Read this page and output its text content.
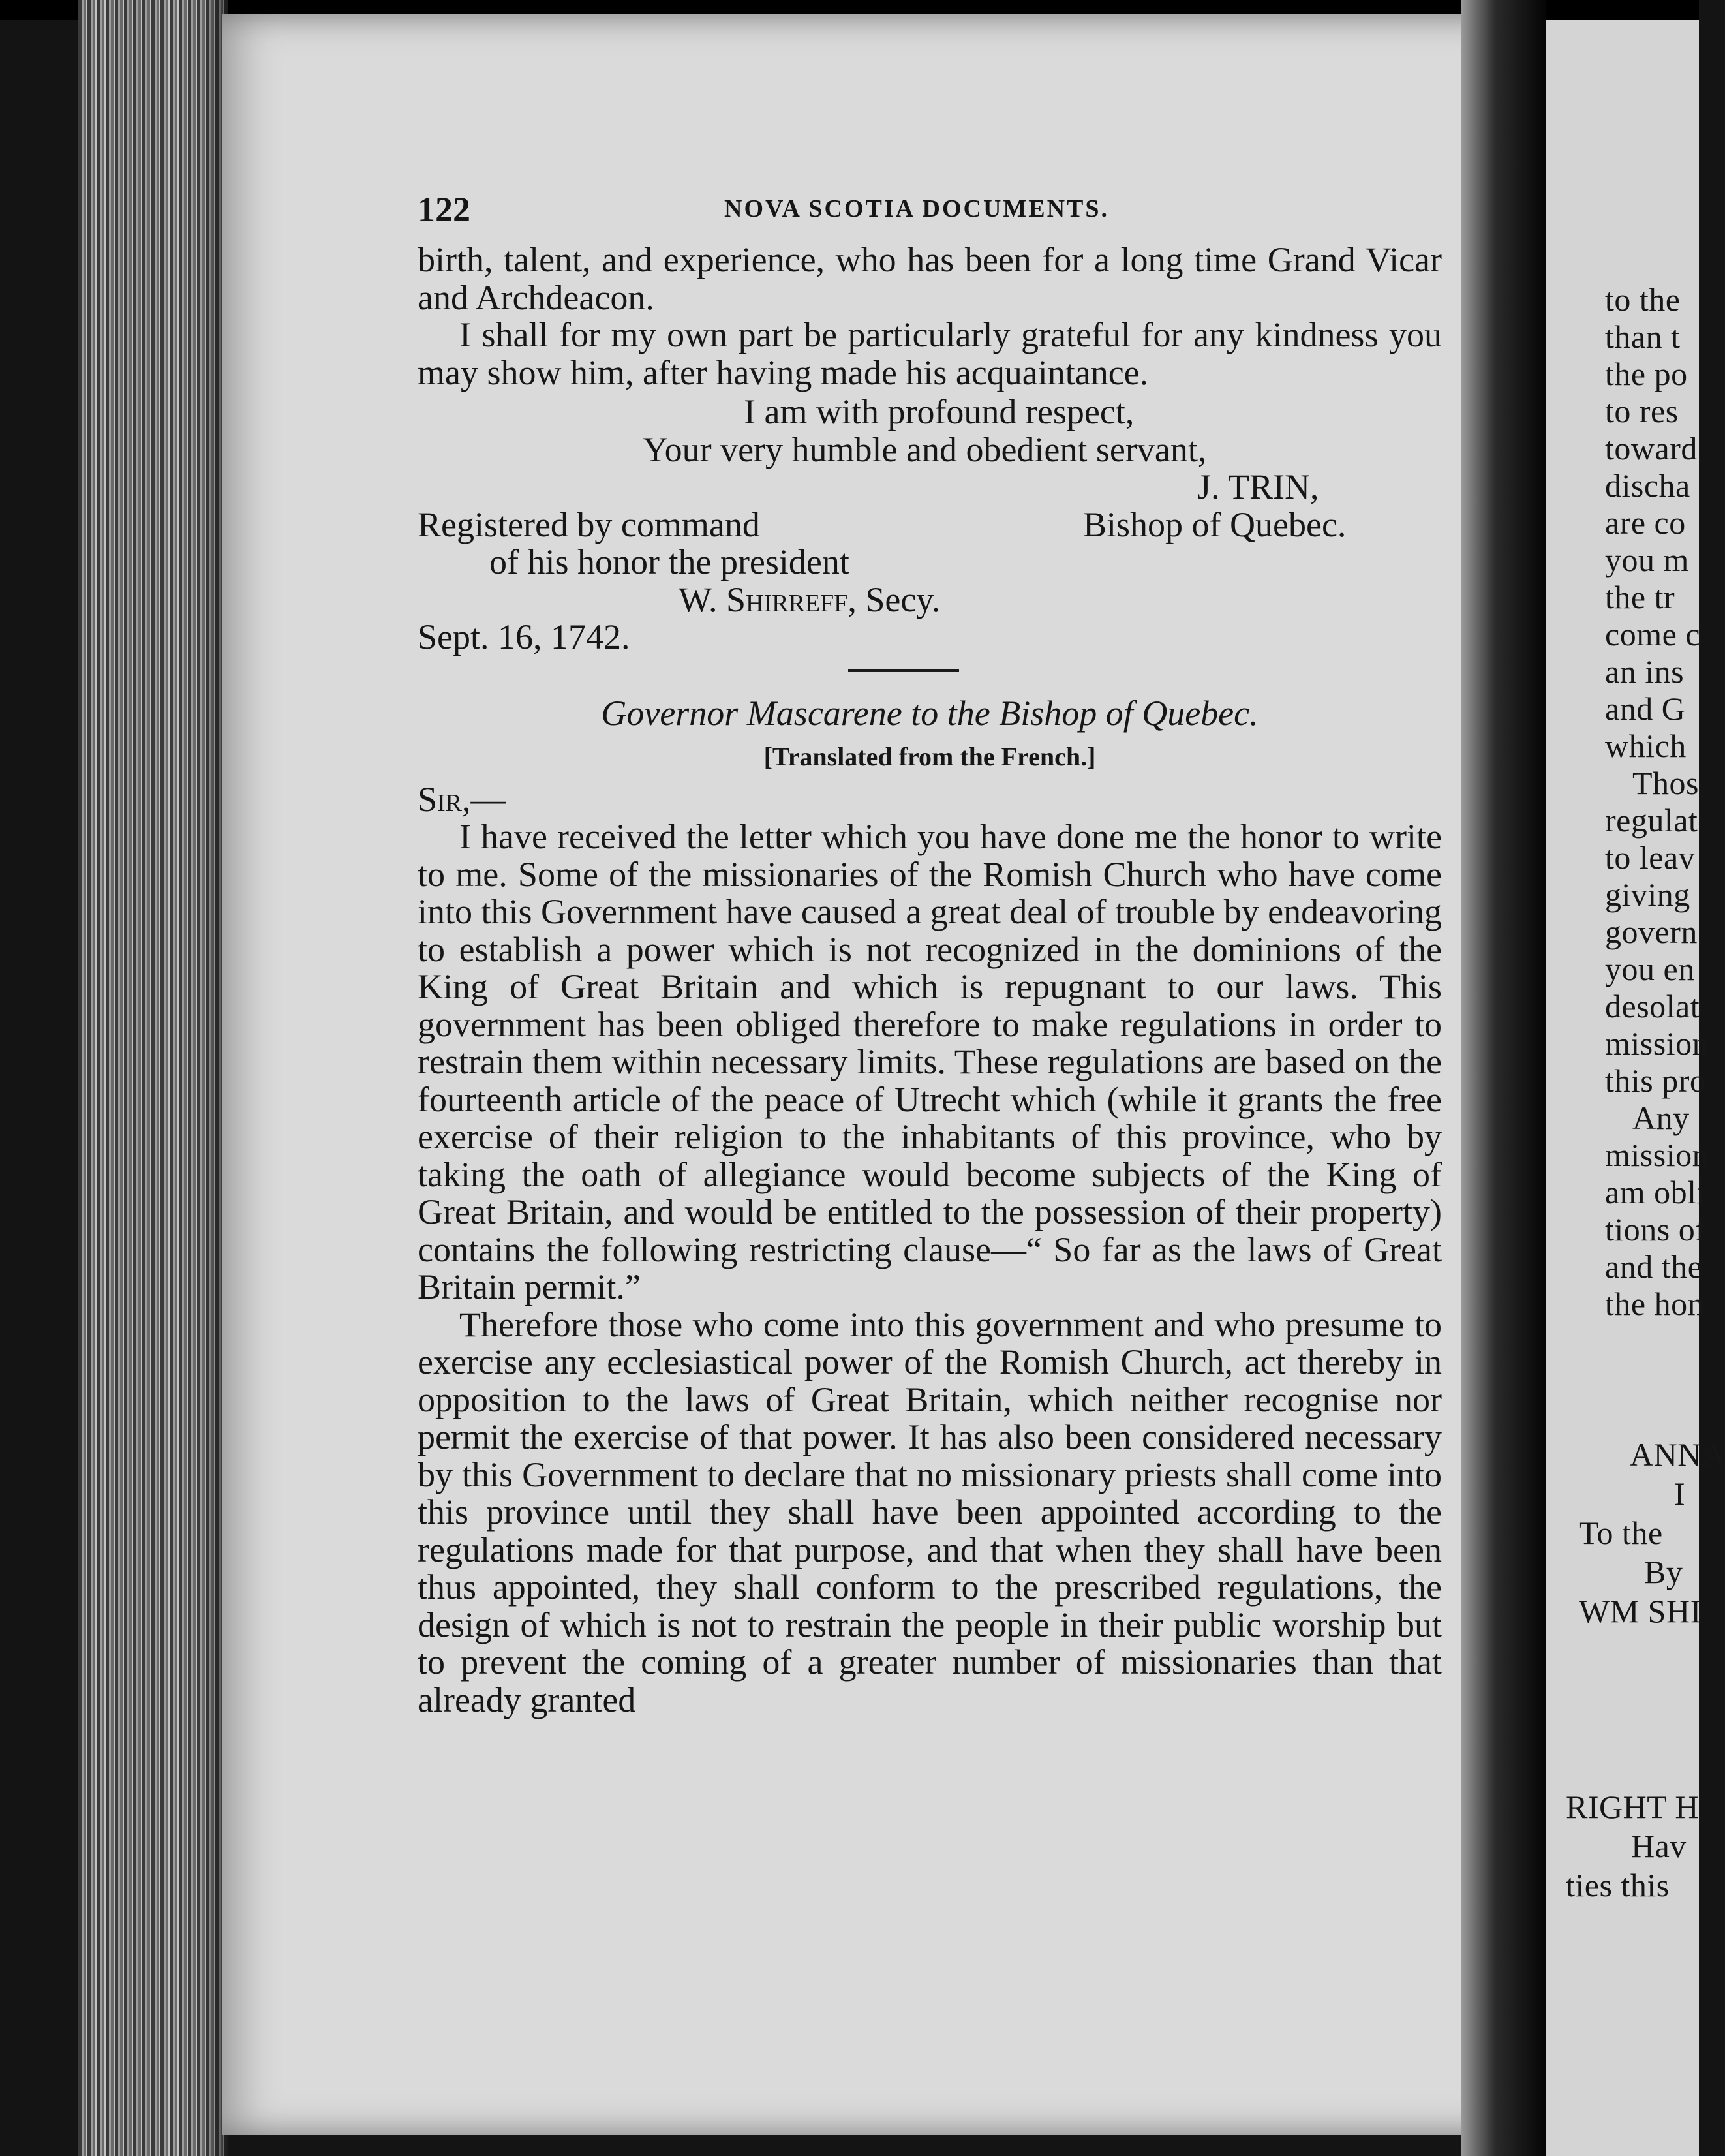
to the
than t
the po
to res
toward
discha
are co
you m
the tr
come c
an ins
and G
which
Thos
regulat
to leav
giving
govern
you en
desolat
mission
this pro
Any
mission
am obli
tions of
and the
the hon
ANNA
I
To the
By
WM SHI
RIGHT H
Hav
ties this
122	NOVA SCOTIA DOCUMENTS.

birth, talent, and experience, who has been for a long time Grand Vicar and Archdeacon.

I shall for my own part be particularly grateful for any kindness you may show him, after having made his acquaintance.

I am with profound respect,
Your very humble and obedient servant,
J. TRIN,
Registered by command	Bishop of Quebec.
of his honor the president
W. Shirreff, Secy.
Sept. 16, 1742.
Governor Mascarene to the Bishop of Quebec.
[Translated from the French.]
Sir,—

I have received the letter which you have done me the honor to write to me. Some of the missionaries of the Romish Church who have come into this Government have caused a great deal of trouble by endeavoring to establish a power which is not recognized in the dominions of the King of Great Britain and which is repugnant to our laws. This government has been obliged therefore to make regulations in order to restrain them within necessary limits. These regulations are based on the fourteenth article of the peace of Utrecht which (while it grants the free exercise of their religion to the inhabitants of this province, who by taking the oath of allegiance would become subjects of the King of Great Britain, and would be entitled to the possession of their property) contains the following restricting clause—“ So far as the laws of Great Britain permit.”

Therefore those who come into this government and who presume to exercise any ecclesiastical power of the Romish Church, act thereby in opposition to the laws of Great Britain, which neither recognise nor permit the exercise of that power. It has also been considered necessary by this Government to declare that no missionary priests shall come into this province until they shall have been appointed according to the regulations made for that purpose, and that when they shall have been thus appointed, they shall conform to the prescribed regulations, the design of which is not to restrain the people in their public worship but to prevent the coming of a greater number of missionaries than that already granted
